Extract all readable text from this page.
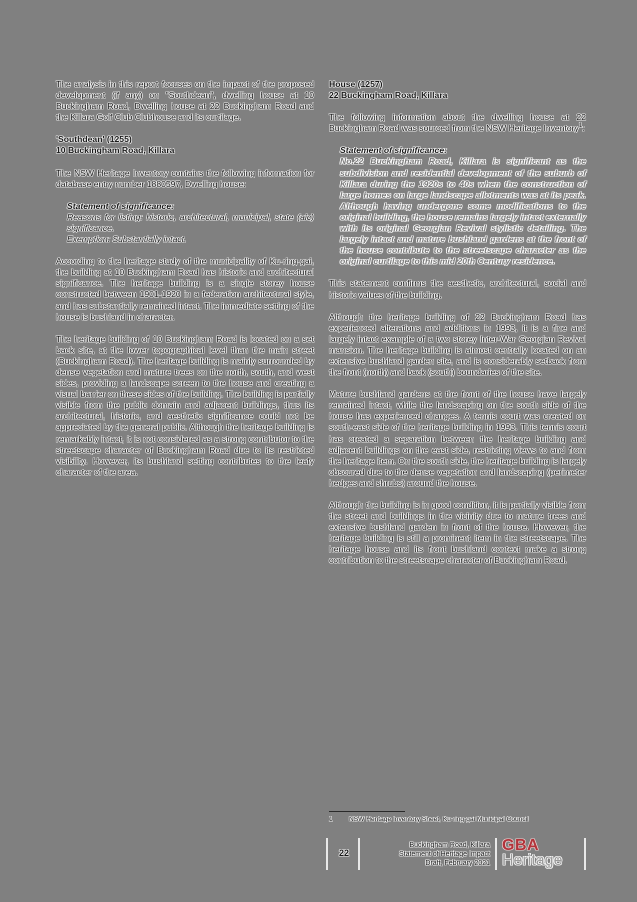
The analysis in this report focuses on the impact of the proposed development (if any) on "Southdean", dwelling house at 10 Buckingham Road, Dwelling house at 22 Buckingham Road and the Killara Golf Club Clubhouse and its curtilage.

'Southdean' (1255)
10 Buckingham Road, Killara

The NSW Heritage Inventory contains the following information for database entry number 1880597, Dwelling house:

Statement of significance:
Reasons for listing: historic, architectural, municipal, state (aic) significance.
Exemption: Substantially intact.

According to the heritage study of the municipality of Ku-ring-gai, the building at 10 Buckingham Road has historic and architectural significance. The heritage building is a single storey house constructed between 1901-1920 in a federation architectural style, and has substantially remained intact. The immediate setting of the house is bushland in character.

The heritage building of 10 Buckingham Road is located on a set back site, at the lower topographical level than the main street (Buckingham Road). The heritage building is mainly surrounded by dense vegetation and mature trees on the north, south, and west sides, providing a landscape screen to the house and creating a visual barrier on these sides of the building. The building is partially visible from the public domain and adjacent buildings, thus its architectural, historic, and aesthetic significance could not be appreciated by the general public. Although the heritage building is remarkably intact, it is not considered as a strong contributor to the streetscape character of Buckingham Road due to its restricted visibility. However, its bushland setting contributes to the leafy character of the area.

House (1257)
22 Buckingham Road, Killara

The following information about the dwelling house at 22 Buckingham Road was sourced from the NSW Heritage Inventory$^1$:

Statement of significance:
No.22 Buckingham Road, Killara is significant as the subdivision and residential development of the suburb of Killara during the 1920s to 40s when the construction of large homes on large landscape allotments was at its peak. Although having undergone some modifications to the original building, the house remains largely intact externally with its original Georgian Revival stylistic detailing. The largely intact and mature bushland gardens at the front of the house contribute to the streetscape character as the original curtilage to this mid 20th Century residence.

This statement confirms the aesthetic, architectural, social and historic values of the building.

Although the heritage building of 22 Buckingham Road has experienced alterations and additions in 1993, it is a fine and largely intact example of a two storey Inter-War Georgian Revival mansion. The heritage building is almost centrally located on an extensive bushland garden site, and is considerably setback from the front (north) and back (south) boundaries of the site.

Mature bushland gardens at the front of the house have largely remained intact, while the landscaping on the south side of the house has experienced changes. A tennis court was created on south-east side of the heritage building in 1993. This tennis court has created a separation between the heritage building and adjacent buildings on the east side, restricting views to and from the heritage item. On the south side, the heritage building is largely obscured due to the dense vegetation and landscaping (perimeter hedges and shrubs) around the house.

Although the building is in good condition, it is partially visible from the street and buildings in the vicinity due to mature trees and extensive bushland garden in front of the house. However, the heritage building is still a prominent item in the streetscape. The heritage house and its front bushland context make a strong contribution to the streetscape character of Buckingham Road.

1 NSW Heritage Inventory Sheet, Ku-ring-gai Municipal Council
22
Buckingham Road, Killara
Statement of Heritage Impact
Draft, February 2021
GBA
Heritage
